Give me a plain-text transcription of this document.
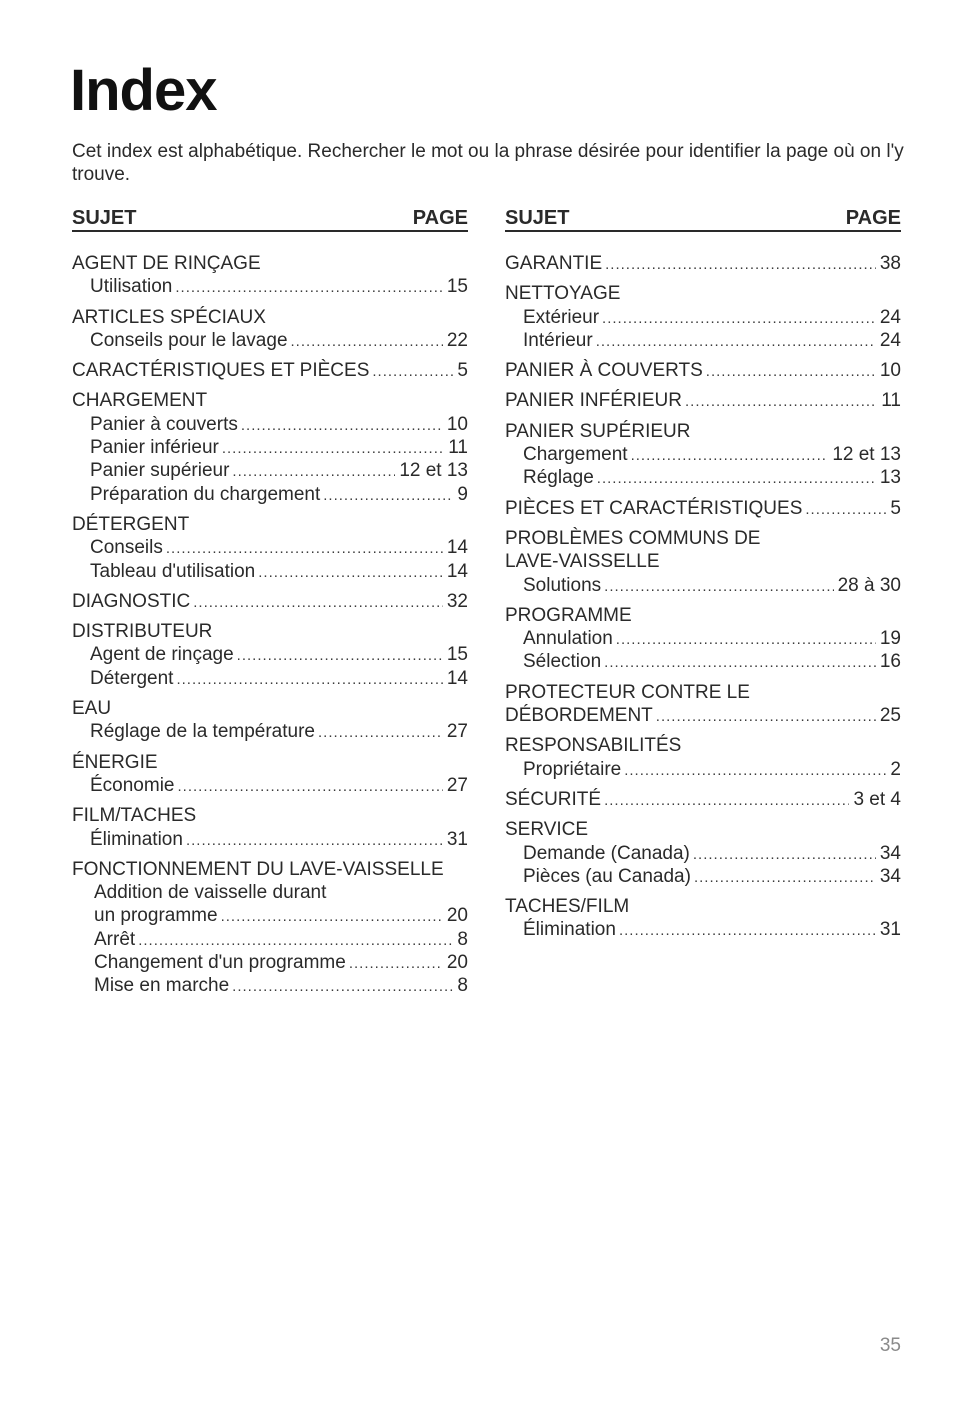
Index

Cet index est alphabétique. Rechercher le mot ou la phrase désirée pour identifier la page où on l'y trouve.

SUJET	PAGE
AGENT DE RINÇAGE
Utilisation .....	15
ARTICLES SPÉCIAUX
Conseils pour le lavage .....	22
CARACTÉRISTIQUES ET PIÈCES .....	5
CHARGEMENT
Panier à couverts .....	10
Panier inférieur .....	11
Panier supérieur .....	12 et 13
Préparation du chargement .....	9
DÉTERGENT
Conseils .....	14
Tableau d'utilisation .....	14
DIAGNOSTIC .....	32
DISTRIBUTEUR
Agent de rinçage .....	15
Détergent .....	14
EAU
Réglage de la température .....	27
ÉNERGIE
Économie .....	27
FILM/TACHES
Élimination .....	31
FONCTIONNEMENT DU LAVE-VAISSELLE
Addition de vaisselle durant
un programme .....	20
Arrêt .....	8
Changement d'un programme .....	20
Mise en marche .....	8
SUJET	PAGE
GARANTIE .....	38
NETTOYAGE
Extérieur .....	24
Intérieur .....	24
PANIER À COUVERTS .....	10
PANIER INFÉRIEUR .....	11
PANIER SUPÉRIEUR
Chargement .....	12 et 13
Réglage .....	13
PIÈCES ET CARACTÉRISTIQUES .....	5
PROBLÈMES COMMUNS DE
LAVE-VAISSELLE
Solutions .....	28 à 30
PROGRAMME
Annulation .....	19
Sélection .....	16
PROTECTEUR CONTRE LE
DÉBORDEMENT .....	25
RESPONSABILITÉS
Propriétaire .....	2
SÉCURITÉ .....	3 et 4
SERVICE
Demande (Canada) .....	34
Pièces (au Canada) .....	34
TACHES/FILM
Élimination .....	31
35
